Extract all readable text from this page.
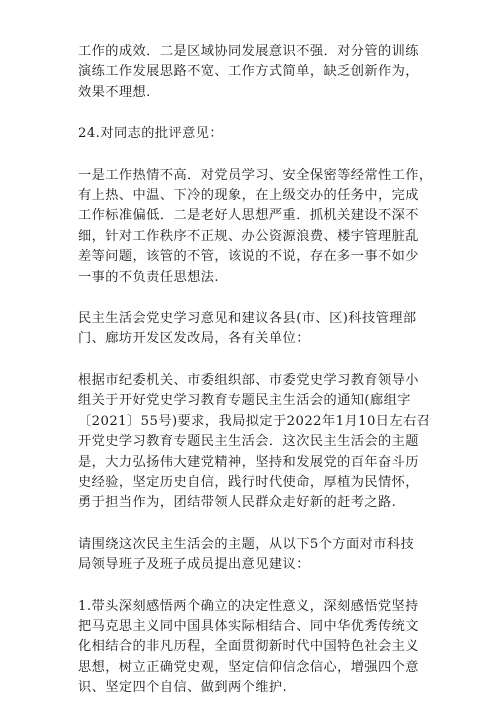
工作的成效．二是区域协同发展意识不强．对分管的训练
演练工作发展思路不宽、工作方式简单，缺乏创新作为，
效果不理想.

24.对同志的批评意见：

一是工作热情不高．对党员学习、安全保密等经常性工作，
有上热、中温、下冷的现象，在上级交办的任务中，完成
工作标准偏低．二是老好人思想严重．抓机关建设不深不
细，针对工作秩序不正规、办公资源浪费、楼宇管理脏乱
差等问题，该管的不管，该说的不说，存在多一事不如少
一事的不负责任思想法.

民主生活会党史学习意见和建议各县(市、区)科技管理部
门、廊坊开发区发改局，各有关单位：

根据市纪委机关、市委组织部、市委党史学习教育领导小
组关于开好党史学习教育专题民主生活会的通知(廊组字
〔2021〕55号)要求，我局拟定于2022年1月10日左右召
开党史学习教育专题民主生活会．这次民主生活会的主题
是，大力弘扬伟大建党精神，坚持和发展党的百年奋斗历
史经验，坚定历史自信，践行时代使命，厚植为民情怀，
勇于担当作为，团结带领人民群众走好新的赶考之路.

请围绕这次民主生活会的主题，从以下5个方面对市科技
局领导班子及班子成员提出意见建议：

1.带头深刻感悟两个确立的决定性意义，深刻感悟党坚持
把马克思主义同中国具体实际相结合、同中华优秀传统文
化相结合的非凡历程，全面贯彻新时代中国特色社会主义
思想，树立正确党史观，坚定信仰信念信心，增强四个意
识、坚定四个自信、做到两个维护.
